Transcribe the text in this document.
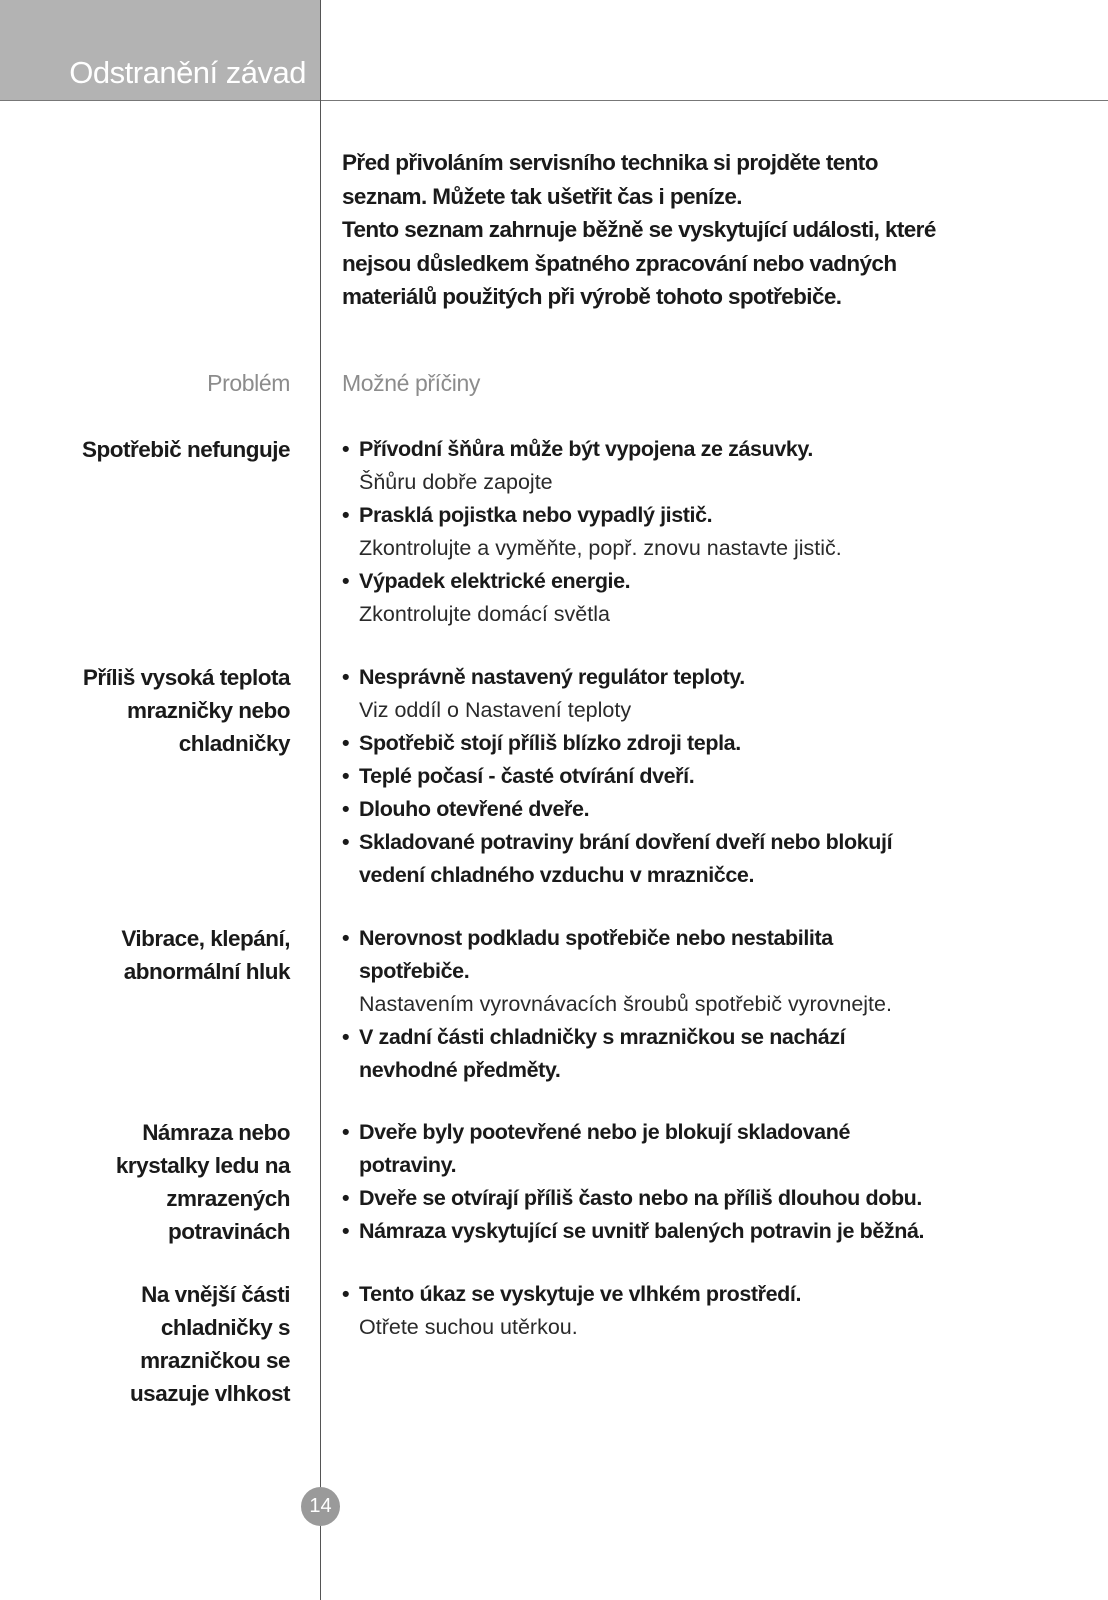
Odstranění závad

Před přivoláním servisního technika si projděte tento

seznam. Můžete tak ušetřit čas i peníze.

Tento seznam zahrnuje běžně se vyskytující události, které

nejsou důsledkem špatného zpracování nebo vadných

materiálů použitých při výrobě tohoto spotřebiče.

Problém Možné příčiny
Spotřebič nefunguje • Přívodní šňůra může být vypojena ze zásuvky.
Šňůru dobře zapojte
• Prasklá pojistka nebo vypadlý jistič.
Zkontrolujte a vyměňte, popř. znovu nastavte jistič.
• Výpadek elektrické energie.
Zkontrolujte domácí světla
Příliš vysoká teplota
mrazničky nebo
chladničky
• Nesprávně nastavený regulátor teploty.
Viz oddíl o Nastavení teploty
• Spotřebič stojí příliš blízko zdroji tepla.
• Teplé počasí - časté otvírání dveří.
• Dlouho otevřené dveře.
• Skladované potraviny brání dovření dveří nebo blokují
vedení chladného vzduchu v mrazničce.
Vibrace, klepání,
abnormální hluk
• Nerovnost podkladu spotřebiče nebo nestabilita
spotřebiče.
Nastavením vyrovnávacích šroubů spotřebič vyrovnejte.
• V zadní části chladničky s mrazničkou se nachází
nevhodné předměty.
Námraza nebo
krystalky ledu na
zmrazených
potravinách
• Dveře byly pootevřené nebo je blokují skladované
potraviny.
• Dveře se otvírají příliš často nebo na příliš dlouhou dobu.
• Námraza vyskytující se uvnitř balených potravin je běžná.
Na vnější části
chladničky s
mrazničkou se
usazuje vlhkost
• Tento úkaz se vyskytuje ve vlhkém prostředí.
Otřete suchou utěrkou.
14
